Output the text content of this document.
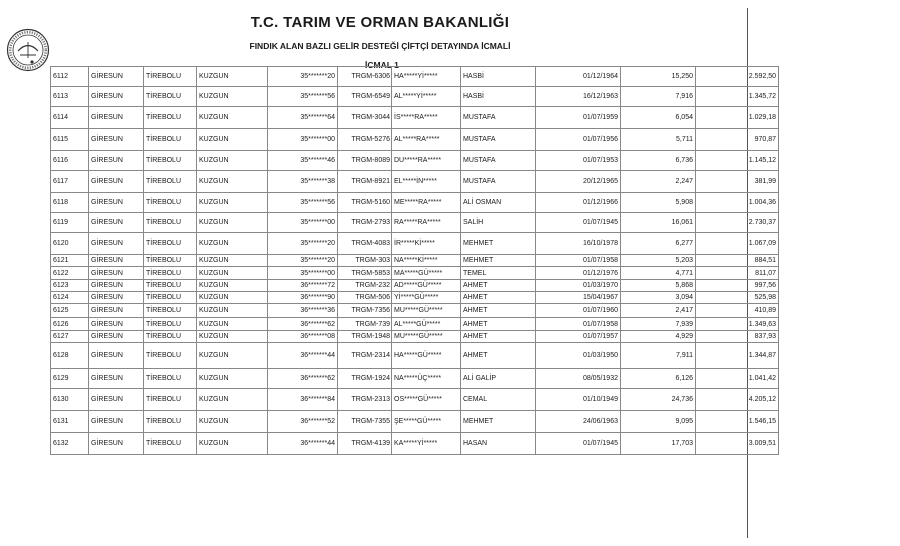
T.C. TARIM VE ORMAN BAKANLIĞI
FINDIK ALAN BAZLI GELİR DESTEĞİ ÇİFTÇİ DETAYINDA İCMALİ
İCMAL 1
6112	GİRESUN	TİREBOLU	KUZGUN	35*******20	TRGM-6306	HA*****Yİ*****	HASBİ	01/12/1964	15,250	2.592,50
6113	GİRESUN	TİREBOLU	KUZGUN	35*******56	TRGM-6549	AL*****Yİ*****	HASBİ	16/12/1963	7,916	1.345,72
6114	GİRESUN	TİREBOLU	KUZGUN	35*******64	TRGM-3044	İS*****RA*****	MUSTAFA	01/07/1959	6,054	1.029,18
6115	GİRESUN	TİREBOLU	KUZGUN	35*******00	TRGM-5276	AL*****RA*****	MUSTAFA	01/07/1956	5,711	970,87
6116	GİRESUN	TİREBOLU	KUZGUN	35*******46	TRGM-8089	DU*****RA*****	MUSTAFA	01/07/1953	6,736	1.145,12
6117	GİRESUN	TİREBOLU	KUZGUN	35*******38	TRGM-8921	EL*****İN*****	MUSTAFA	20/12/1965	2,247	381,99
6118	GİRESUN	TİREBOLU	KUZGUN	35*******56	TRGM-5160	ME*****RA*****	ALİ OSMAN	01/12/1966	5,908	1.004,36
6119	GİRESUN	TİREBOLU	KUZGUN	35*******00	TRGM-2793	RA*****RA*****	SALİH	01/07/1945	16,061	2.730,37
6120	GİRESUN	TİREBOLU	KUZGUN	35*******20	TRGM-4083	İR*****Kİ*****	MEHMET	16/10/1978	6,277	1.067,09
6121	GİRESUN	TİREBOLU	KUZGUN	35*******20	TRGM-303	NA*****Kİ*****	MEHMET	01/07/1958	5,203	884,51
6122	GİRESUN	TİREBOLU	KUZGUN	35*******00	TRGM-5853	MA*****GÜ*****	TEMEL	01/12/1976	4,771	811,07
6123	GİRESUN	TİREBOLU	KUZGUN	36*******72	TRGM-232	AD*****GÜ*****	AHMET	01/03/1970	5,868	997,56
6124	GİRESUN	TİREBOLU	KUZGUN	36*******90	TRGM-506	Yİ*****GÜ*****	AHMET	15/04/1967	3,094	525,98
6125	GİRESUN	TİREBOLU	KUZGUN	36*******36	TRGM-7356	MU*****GÜ*****	AHMET	01/07/1960	2,417	410,89
6126	GİRESUN	TİREBOLU	KUZGUN	36*******62	TRGM-739	AL*****GÜ*****	AHMET	01/07/1958	7,939	1.349,63
6127	GİRESUN	TİREBOLU	KUZGUN	36*******08	TRGM-1948	MU*****GÜ*****	AHMET	01/07/1957	4,929	837,93
6128	GİRESUN	TİREBOLU	KUZGUN	36*******44	TRGM-2314	HA*****GÜ*****	AHMET	01/03/1950	7,911	1.344,87
6129	GİRESUN	TİREBOLU	KUZGUN	36*******62	TRGM-1924	NA*****ÜÇ*****	ALİ GALİP	08/05/1932	6,126	1.041,42
6130	GİRESUN	TİREBOLU	KUZGUN	36*******84	TRGM-2313	OS*****GÜ*****	CEMAL	01/10/1949	24,736	4.205,12
6131	GİRESUN	TİREBOLU	KUZGUN	36*******52	TRGM-7355	ŞE*****GÜ*****	MEHMET	24/06/1963	9,095	1.546,15
6132	GİRESUN	TİREBOLU	KUZGUN	36*******44	TRGM-4139	KA*****Yİ*****	HASAN	01/07/1945	17,703	3.009,51
